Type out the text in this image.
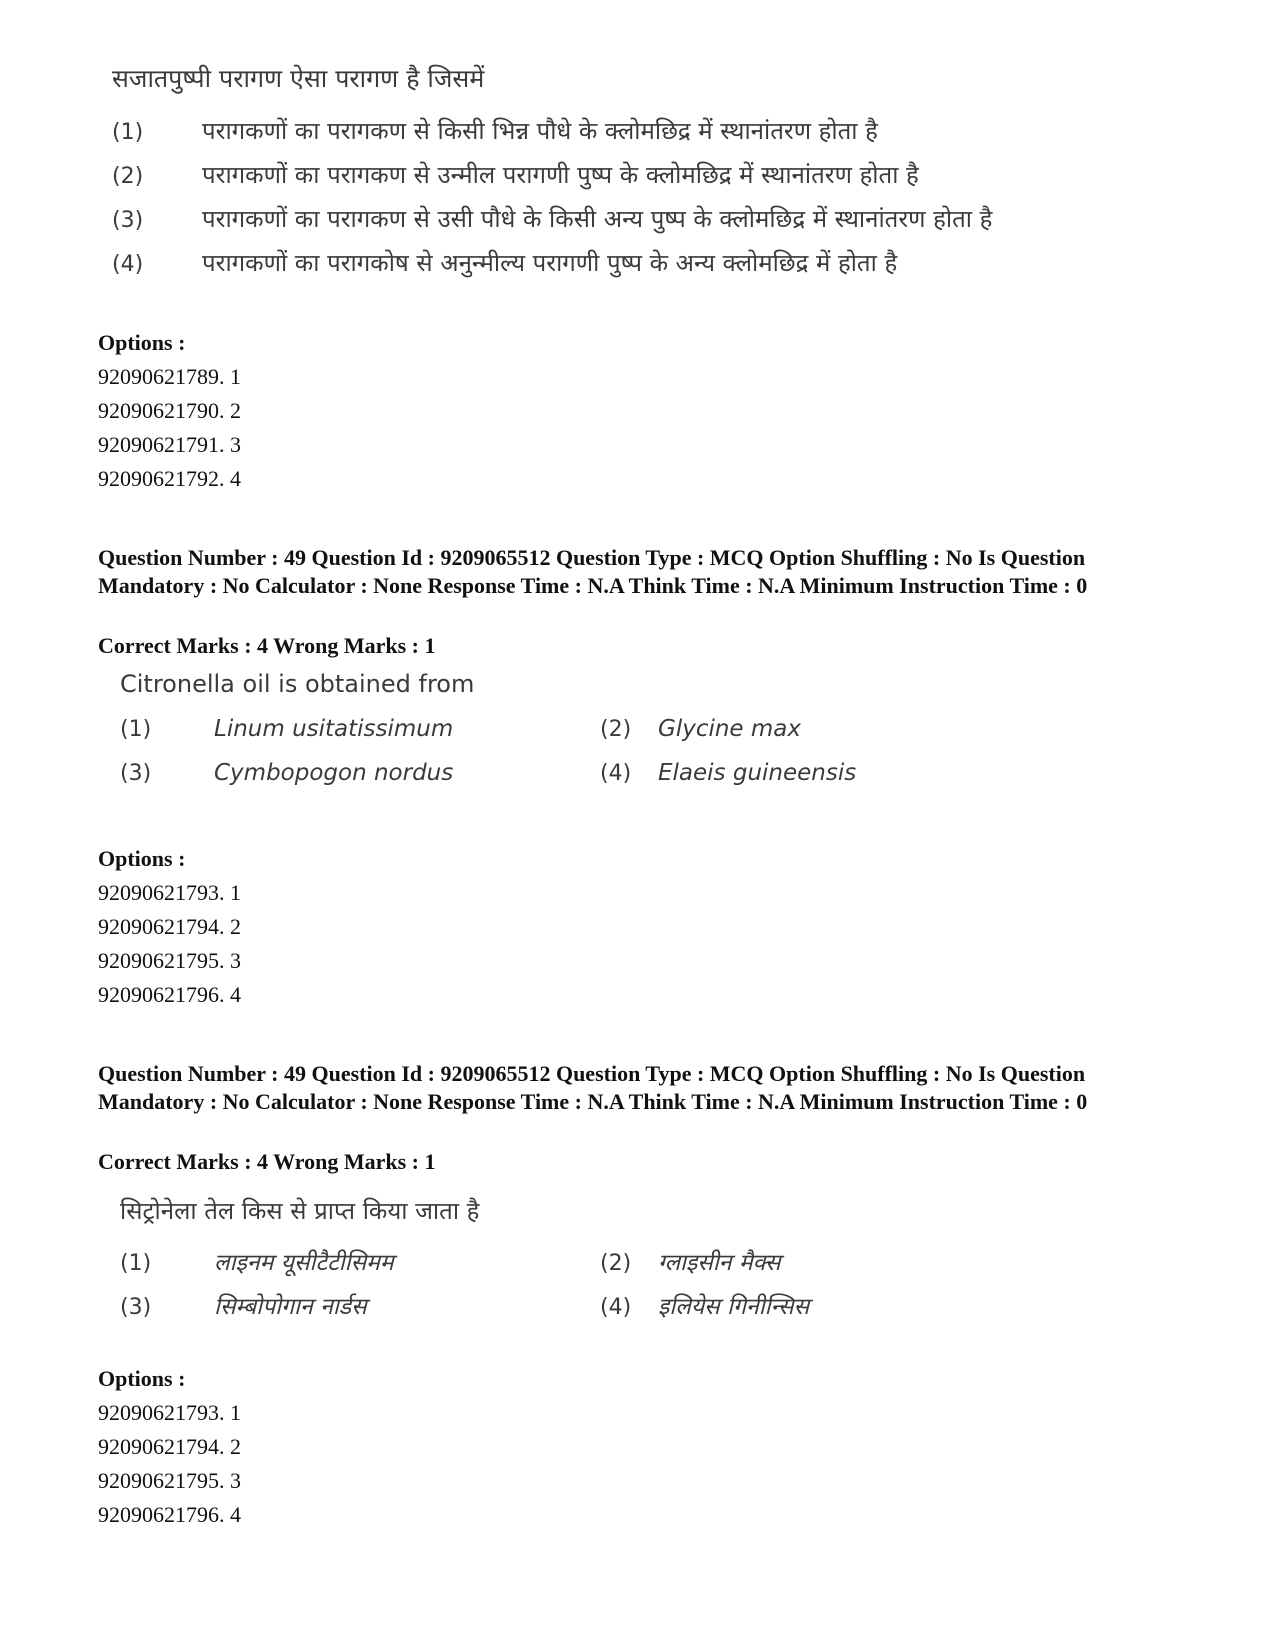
सजातपुष्पी परागण ऐसा परागण है जिसमें

(1)	परागकणों का परागकण से किसी भिन्न पौधे के क्लोमछिद्र में स्थानांतरण होता है
(2)	परागकणों का परागकण से उन्मील परागणी पुष्प के क्लोमछिद्र में स्थानांतरण होता है
(3)	परागकणों का परागकण से उसी पौधे के किसी अन्य पुष्प के क्लोमछिद्र में स्थानांतरण होता है
(4)	परागकणों का परागकोष से अनुन्मील्य परागणी पुष्प के अन्य क्लोमछिद्र में होता है
Options :
92090621789. 1
92090621790. 2
92090621791. 3
92090621792. 4
Question Number : 49 Question Id : 9209065512 Question Type : MCQ Option Shuffling : No Is Question Mandatory : No Calculator : None Response Time : N.A Think Time : N.A Minimum Instruction Time : 0
Correct Marks : 4 Wrong Marks : 1

Citronella oil is obtained from

(1)	Linum usitatissimum	(2)	Glycine max
(3)	Cymbopogon nordus	(4)	Elaeis guineensis
Options :
92090621793. 1
92090621794. 2
92090621795. 3
92090621796. 4
Question Number : 49 Question Id : 9209065512 Question Type : MCQ Option Shuffling : No Is Question Mandatory : No Calculator : None Response Time : N.A Think Time : N.A Minimum Instruction Time : 0
Correct Marks : 4 Wrong Marks : 1

सिट्रोनेला तेल किस से प्राप्त किया जाता है

(1)	लाइनम यूसीटैटीसिमम	(2)	ग्लाइसीन मैक्स
(3)	सिम्बोपोगान नार्डस	(4)	इलियेस गिनीन्सिस
Options :
92090621793. 1
92090621794. 2
92090621795. 3
92090621796. 4
